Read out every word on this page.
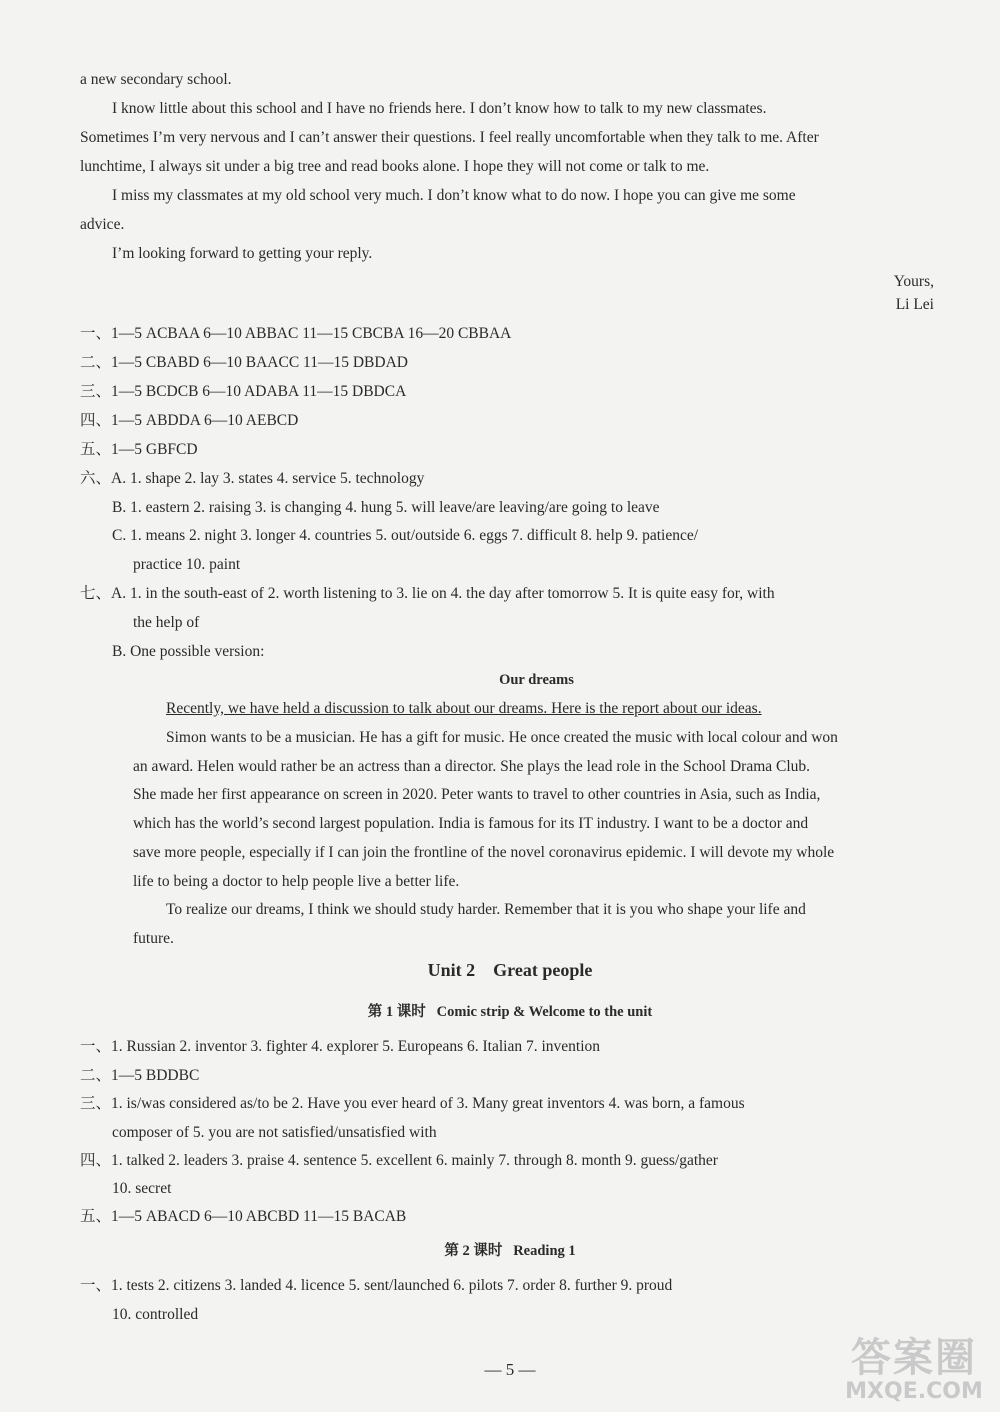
a new secondary school.
I know little about this school and I have no friends here. I don’t know how to talk to my new classmates.
Sometimes I’m very nervous and I can’t answer their questions. I feel really uncomfortable when they talk to me. After
lunchtime, I always sit under a big tree and read books alone. I hope they will not come or talk to me.
I miss my classmates at my old school very much. I don’t know what to do now. I hope you can give me some
advice.
I’m looking forward to getting your reply.
Yours,
Li Lei
一、1—5 ACBAA 6—10 ABBAC 11—15 CBCBA 16—20 CBBAA
二、1—5 CBABD 6—10 BAACC 11—15 DBDAD
三、1—5 BCDCB 6—10 ADABA 11—15 DBDCA
四、1—5 ABDDA 6—10 AEBCD
五、1—5 GBFCD
六、A. 1. shape 2. lay 3. states 4. service 5. technology
B. 1. eastern 2. raising 3. is changing 4. hung 5. will leave/are leaving/are going to leave
C. 1. means 2. night 3. longer 4. countries 5. out/outside 6. eggs 7. difficult 8. help 9. patience/
practice 10. paint
七、A. 1. in the south-east of 2. worth listening to 3. lie on 4. the day after tomorrow 5. It is quite easy for, with
the help of
B. One possible version:
Our dreams
Recently, we have held a discussion to talk about our dreams. Here is the report about our ideas.
Simon wants to be a musician. He has a gift for music. He once created the music with local colour and won
an award. Helen would rather be an actress than a director. She plays the lead role in the School Drama Club.
She made her first appearance on screen in 2020. Peter wants to travel to other countries in Asia, such as India,
which has the world’s second largest population. India is famous for its IT industry. I want to be a doctor and
save more people, especially if I can join the frontline of the novel coronavirus epidemic. I will devote my whole
life to being a doctor to help people live a better life.
To realize our dreams, I think we should study harder. Remember that it is you who shape your life and
future.
Unit 2    Great people
第 1 课时   Comic strip & Welcome to the unit
一、1. Russian 2. inventor 3. fighter 4. explorer 5. Europeans 6. Italian 7. invention
二、1—5 BDDBC
三、1. is/was considered as/to be 2. Have you ever heard of 3. Many great inventors 4. was born, a famous
composer of 5. you are not satisfied/unsatisfied with
四、1. talked 2. leaders 3. praise 4. sentence 5. excellent 6. mainly 7. through 8. month 9. guess/gather
10. secret
五、1—5 ABACD 6—10 ABCBD 11—15 BACAB
第 2 课时   Reading 1
一、1. tests 2. citizens 3. landed 4. licence 5. sent/launched 6. pilots 7. order 8. further 9. proud
10. controlled
— 5 —	答案圈
MXQE.COM
